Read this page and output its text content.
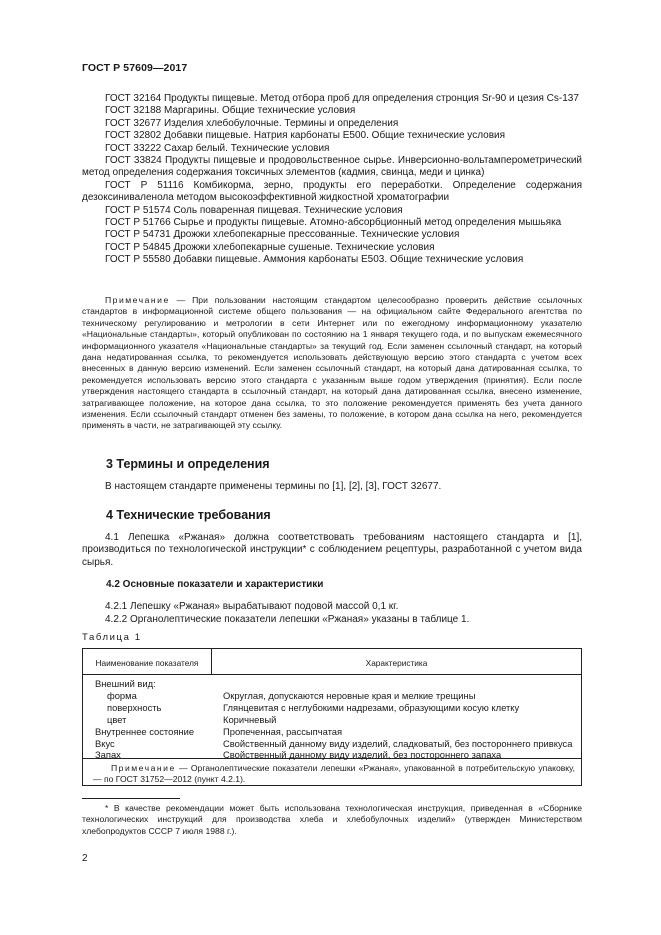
ГОСТ Р 57609—2017
ГОСТ 32164 Продукты пищевые. Метод отбора проб для определения стронция Sr-90 и цезия Cs-137
ГОСТ 32188 Маргарины. Общие технические условия
ГОСТ 32677 Изделия хлебобулочные. Термины и определения
ГОСТ 32802 Добавки пищевые. Натрия карбонаты Е500. Общие технические условия
ГОСТ 33222 Сахар белый. Технические условия
ГОСТ 33824 Продукты пищевые и продовольственное сырье. Инверсионно-вольтамперометрический метод определения содержания токсичных элементов (кадмия, свинца, меди и цинка)
ГОСТ Р 51116 Комбикорма, зерно, продукты его переработки. Определение содержания дезоксиниваленола методом высокоэффективной жидкостной хроматографии
ГОСТ Р 51574 Соль поваренная пищевая. Технические условия
ГОСТ Р 51766 Сырье и продукты пищевые. Атомно-абсорбционный метод определения мышьяка
ГОСТ Р 54731 Дрожжи хлебопекарные прессованные. Технические условия
ГОСТ Р 54845 Дрожжи хлебопекарные сушеные. Технические условия
ГОСТ Р 55580 Добавки пищевые. Аммония карбонаты Е503. Общие технические условия
Примечание — При пользовании настоящим стандартом целесообразно проверить действие ссылочных стандартов в информационной системе общего пользования — на официальном сайте Федерального агентства по техническому регулированию и метрологии в сети Интернет или по ежегодному информационному указателю «Национальные стандарты», который опубликован по состоянию на 1 января текущего года, и по выпускам ежемесячного информационного указателя «Национальные стандарты» за текущий год. Если заменен ссылочный стандарт, на который дана недатированная ссылка, то рекомендуется использовать действующую версию этого стандарта с учетом всех внесенных в данную версию изменений. Если заменен ссылочный стандарт, на который дана датированная ссылка, то рекомендуется использовать версию этого стандарта с указанным выше годом утверждения (принятия). Если после утверждения настоящего стандарта в ссылочный стандарт, на который дана датированная ссылка, внесено изменение, затрагивающее положение, на которое дана ссылка, то это положение рекомендуется применять без учета данного изменения. Если ссылочный стандарт отменен без замены, то положение, в котором дана ссылка на него, рекомендуется применять в части, не затрагивающей эту ссылку.
3 Термины и определения
В настоящем стандарте применены термины по [1], [2], [3], ГОСТ 32677.
4 Технические требования
4.1 Лепешка «Ржаная» должна соответствовать требованиям настоящего стандарта и [1], производиться по технологической инструкции* с соблюдением рецептуры, разработанной с учетом вида сырья.
4.2 Основные показатели и характеристики
4.2.1 Лепешку «Ржаная» вырабатывают подовой массой 0,1 кг.
4.2.2 Органолептические показатели лепешки «Ржаная» указаны в таблице 1.
Таблица 1
Наименование показателя	Характеристика
Внешний вид:
форма	Округлая, допускаются неровные края и мелкие трещины
поверхность	Глянцевитая с неглубокими надрезами, образующими косую клетку
цвет	Коричневый
Внутреннее состояние	Пропеченная, рассыпчатая
Вкус	Свойственный данному виду изделий, сладковатый, без постороннего привкуса
Запах	Свойственный данному виду изделий, без постороннего запаха
Примечание — Органолептические показатели лепешки «Ржаная», упакованной в потребительскую упаковку, — по ГОСТ 31752—2012 (пункт 4.2.1).
* В качестве рекомендации может быть использована технологическая инструкция, приведенная в «Сборнике технологических инструкций для производства хлеба и хлебобулочных изделий» (утвержден Министерством хлебопродуктов СССР 7 июля 1988 г.).
2
